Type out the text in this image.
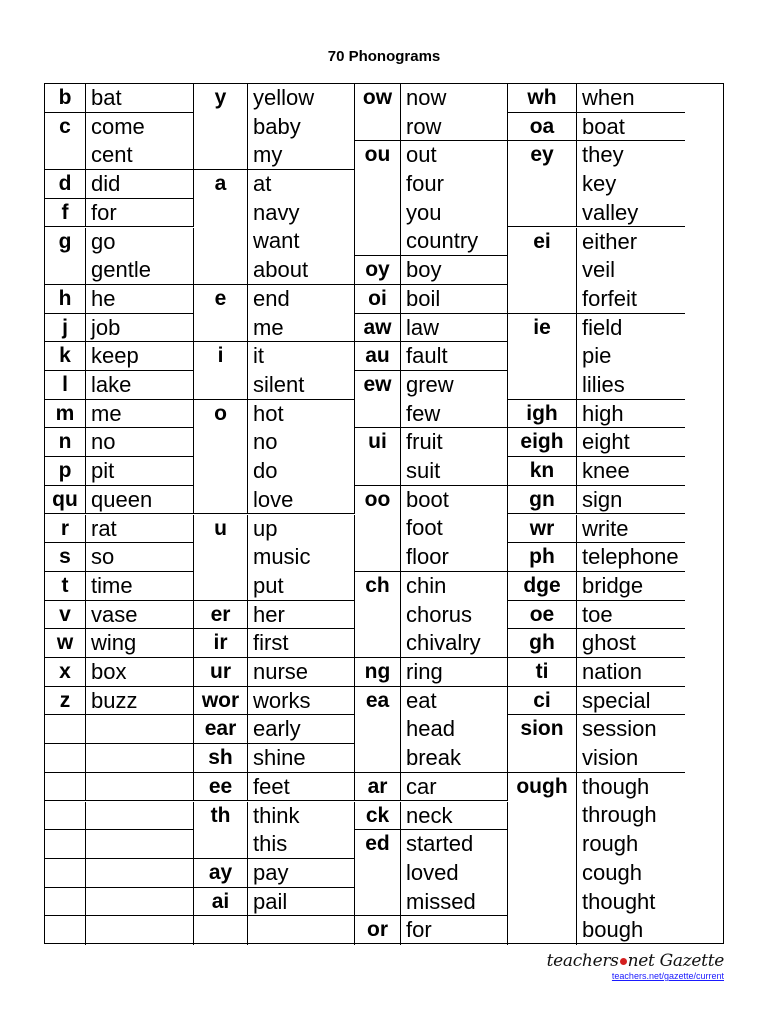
70 Phonograms
b bat
c come
cent
d did
f	for
g go
gentle
h he
j	job
k keep
l	lake
m me
n no
p pit
qu queen
r rat
s so
t	time
v vase
w wing
x box
z buzz
y	yellow
baby
my
a	at
navy
want
about
e	end
me
i	it
silent
o	hot
no
do
love
u	up
music
put
er	her
ir	first
ur	nurse
wor works
ear early
sh shine
ee feet
th	think
this
ay pay
ai	pail
ow now
row
ou out
four
you
country
oy boy
oi boil
aw law
au fault
ew grew
few
ui fruit
suit
oo boot
foot
floor
ch chin
chorus
chivalry
ng ring
ea eat
head
break
ar car
ck neck
ed started
loved
missed
or for
wh	when
oa	boat
ey	they
key
valley
ei	either
veil
forfeit
ie	field
pie
lilies
igh	high
eigh eight
kn	knee
gn	sign
wr	write
ph	telephone
dge bridge
oe	toe
gh	ghost
ti	nation
ci	special
sion session
vision
ough though
through
rough
cough
thought
bough
teachers net Gazette
teachers.net/gazette/current
